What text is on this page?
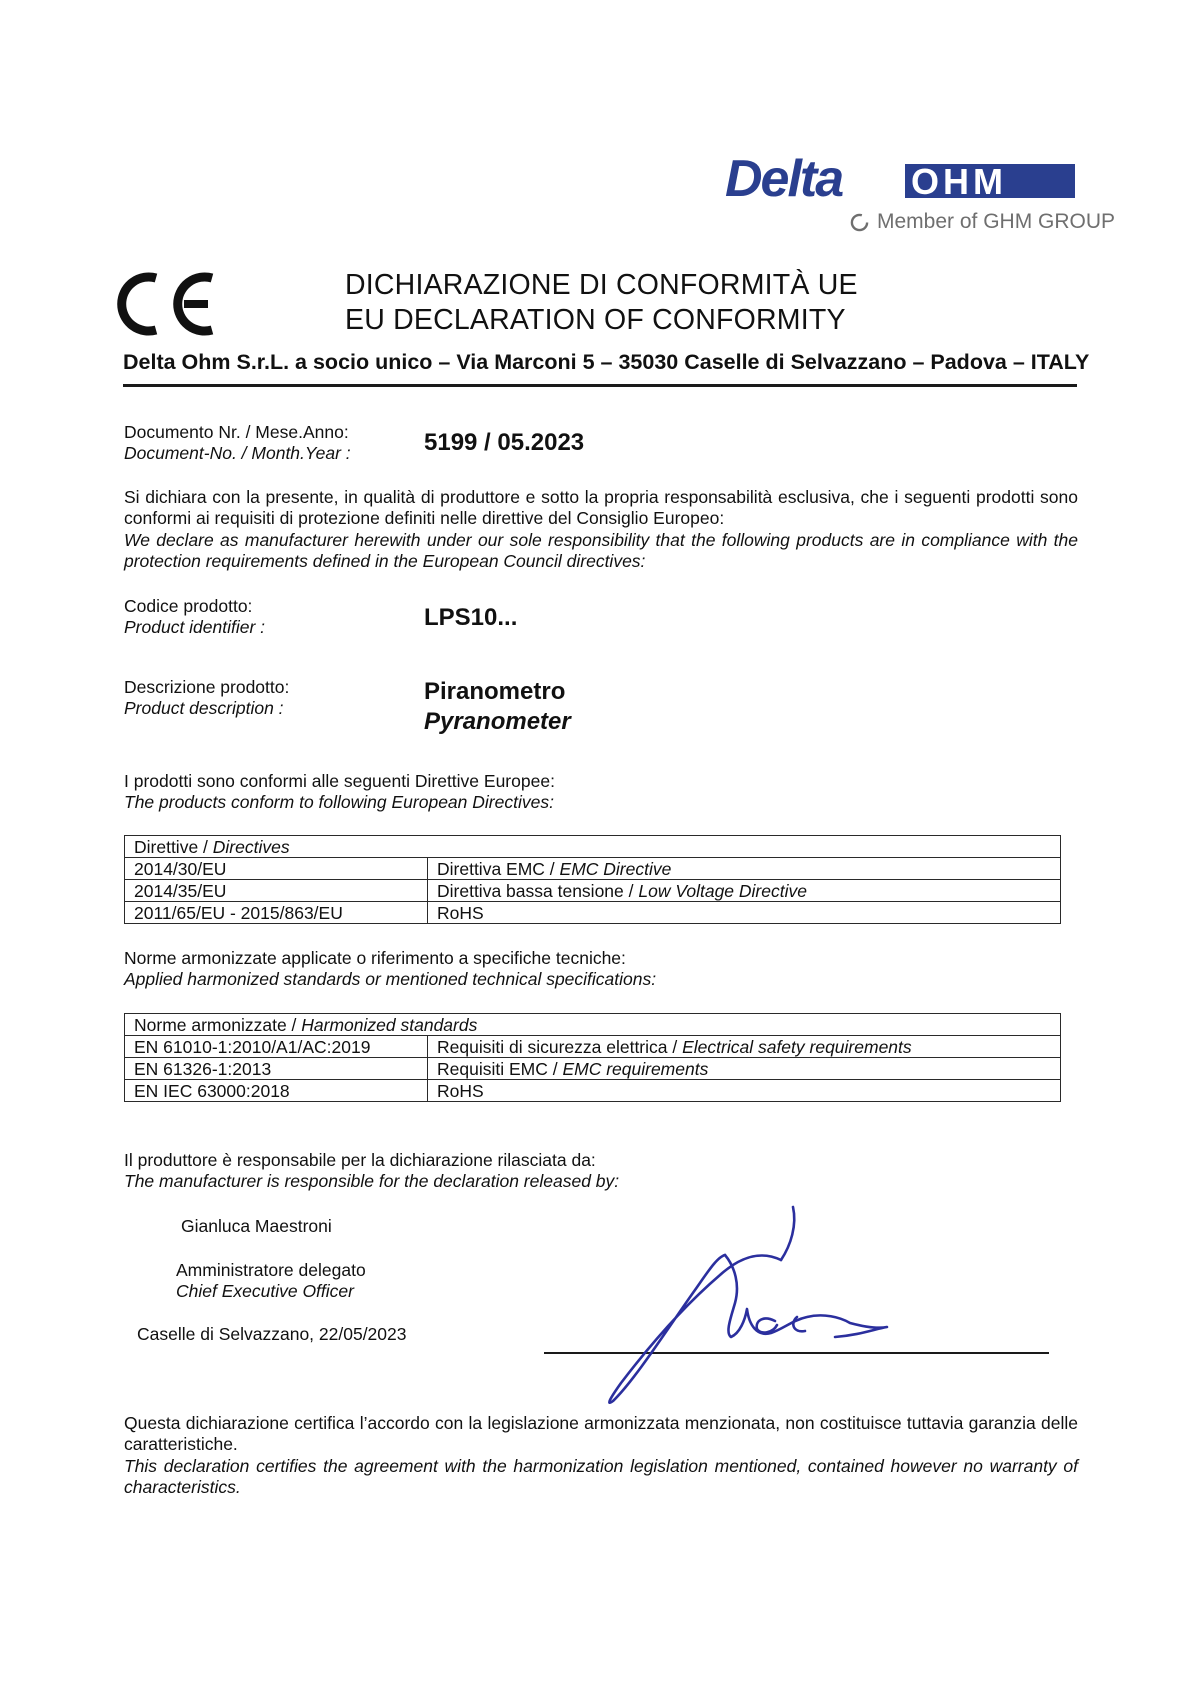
Delta OHM
Member of GHM GROUP
DICHIARAZIONE DI CONFORMITÀ UE
EU DECLARATION OF CONFORMITY
Delta Ohm S.r.L. a socio unico – Via Marconi 5 – 35030 Caselle di Selvazzano – Padova – ITALY
Documento Nr. / Mese.Anno:
Document-No. / Month.Year :	5199 / 05.2023
Si dichiara con la presente, in qualità di produttore e sotto la propria responsabilità esclusiva, che i seguenti prodotti sono conformi ai requisiti di protezione definiti nelle direttive del Consiglio Europeo:
We declare as manufacturer herewith under our sole responsibility that the following products are in compliance with the protection requirements defined in the European Council directives:
Codice prodotto:
Product identifier :	LPS10...
Descrizione prodotto:
Product description :
Piranometro
Pyranometer
I prodotti sono conformi alle seguenti Direttive Europee:
The products conform to following European Directives:
Direttive / Directives	
2014/30/EU	Direttiva EMC / EMC Directive
2014/35/EU	Direttiva bassa tensione / Low Voltage Directive
2011/65/EU - 2015/863/EU	RoHS
Norme armonizzate applicate o riferimento a specifiche tecniche:
Applied harmonized standards or mentioned technical specifications:
Norme armonizzate / Harmonized standards	
EN 61010-1:2010/A1/AC:2019	Requisiti di sicurezza elettrica / Electrical safety requirements
EN 61326-1:2013	Requisiti EMC / EMC requirements
EN IEC 63000:2018	RoHS
Il produttore è responsabile per la dichiarazione rilasciata da:
The manufacturer is responsible for the declaration released by:
Gianluca Maestroni
Amministratore delegato
Chief Executive Officer
Caselle di Selvazzano, 22/05/2023
Questa dichiarazione certifica l’accordo con la legislazione armonizzata menzionata, non costituisce tuttavia garanzia delle caratteristiche.
This declaration certifies the agreement with the harmonization legislation mentioned, contained however no warranty of characteristics.
